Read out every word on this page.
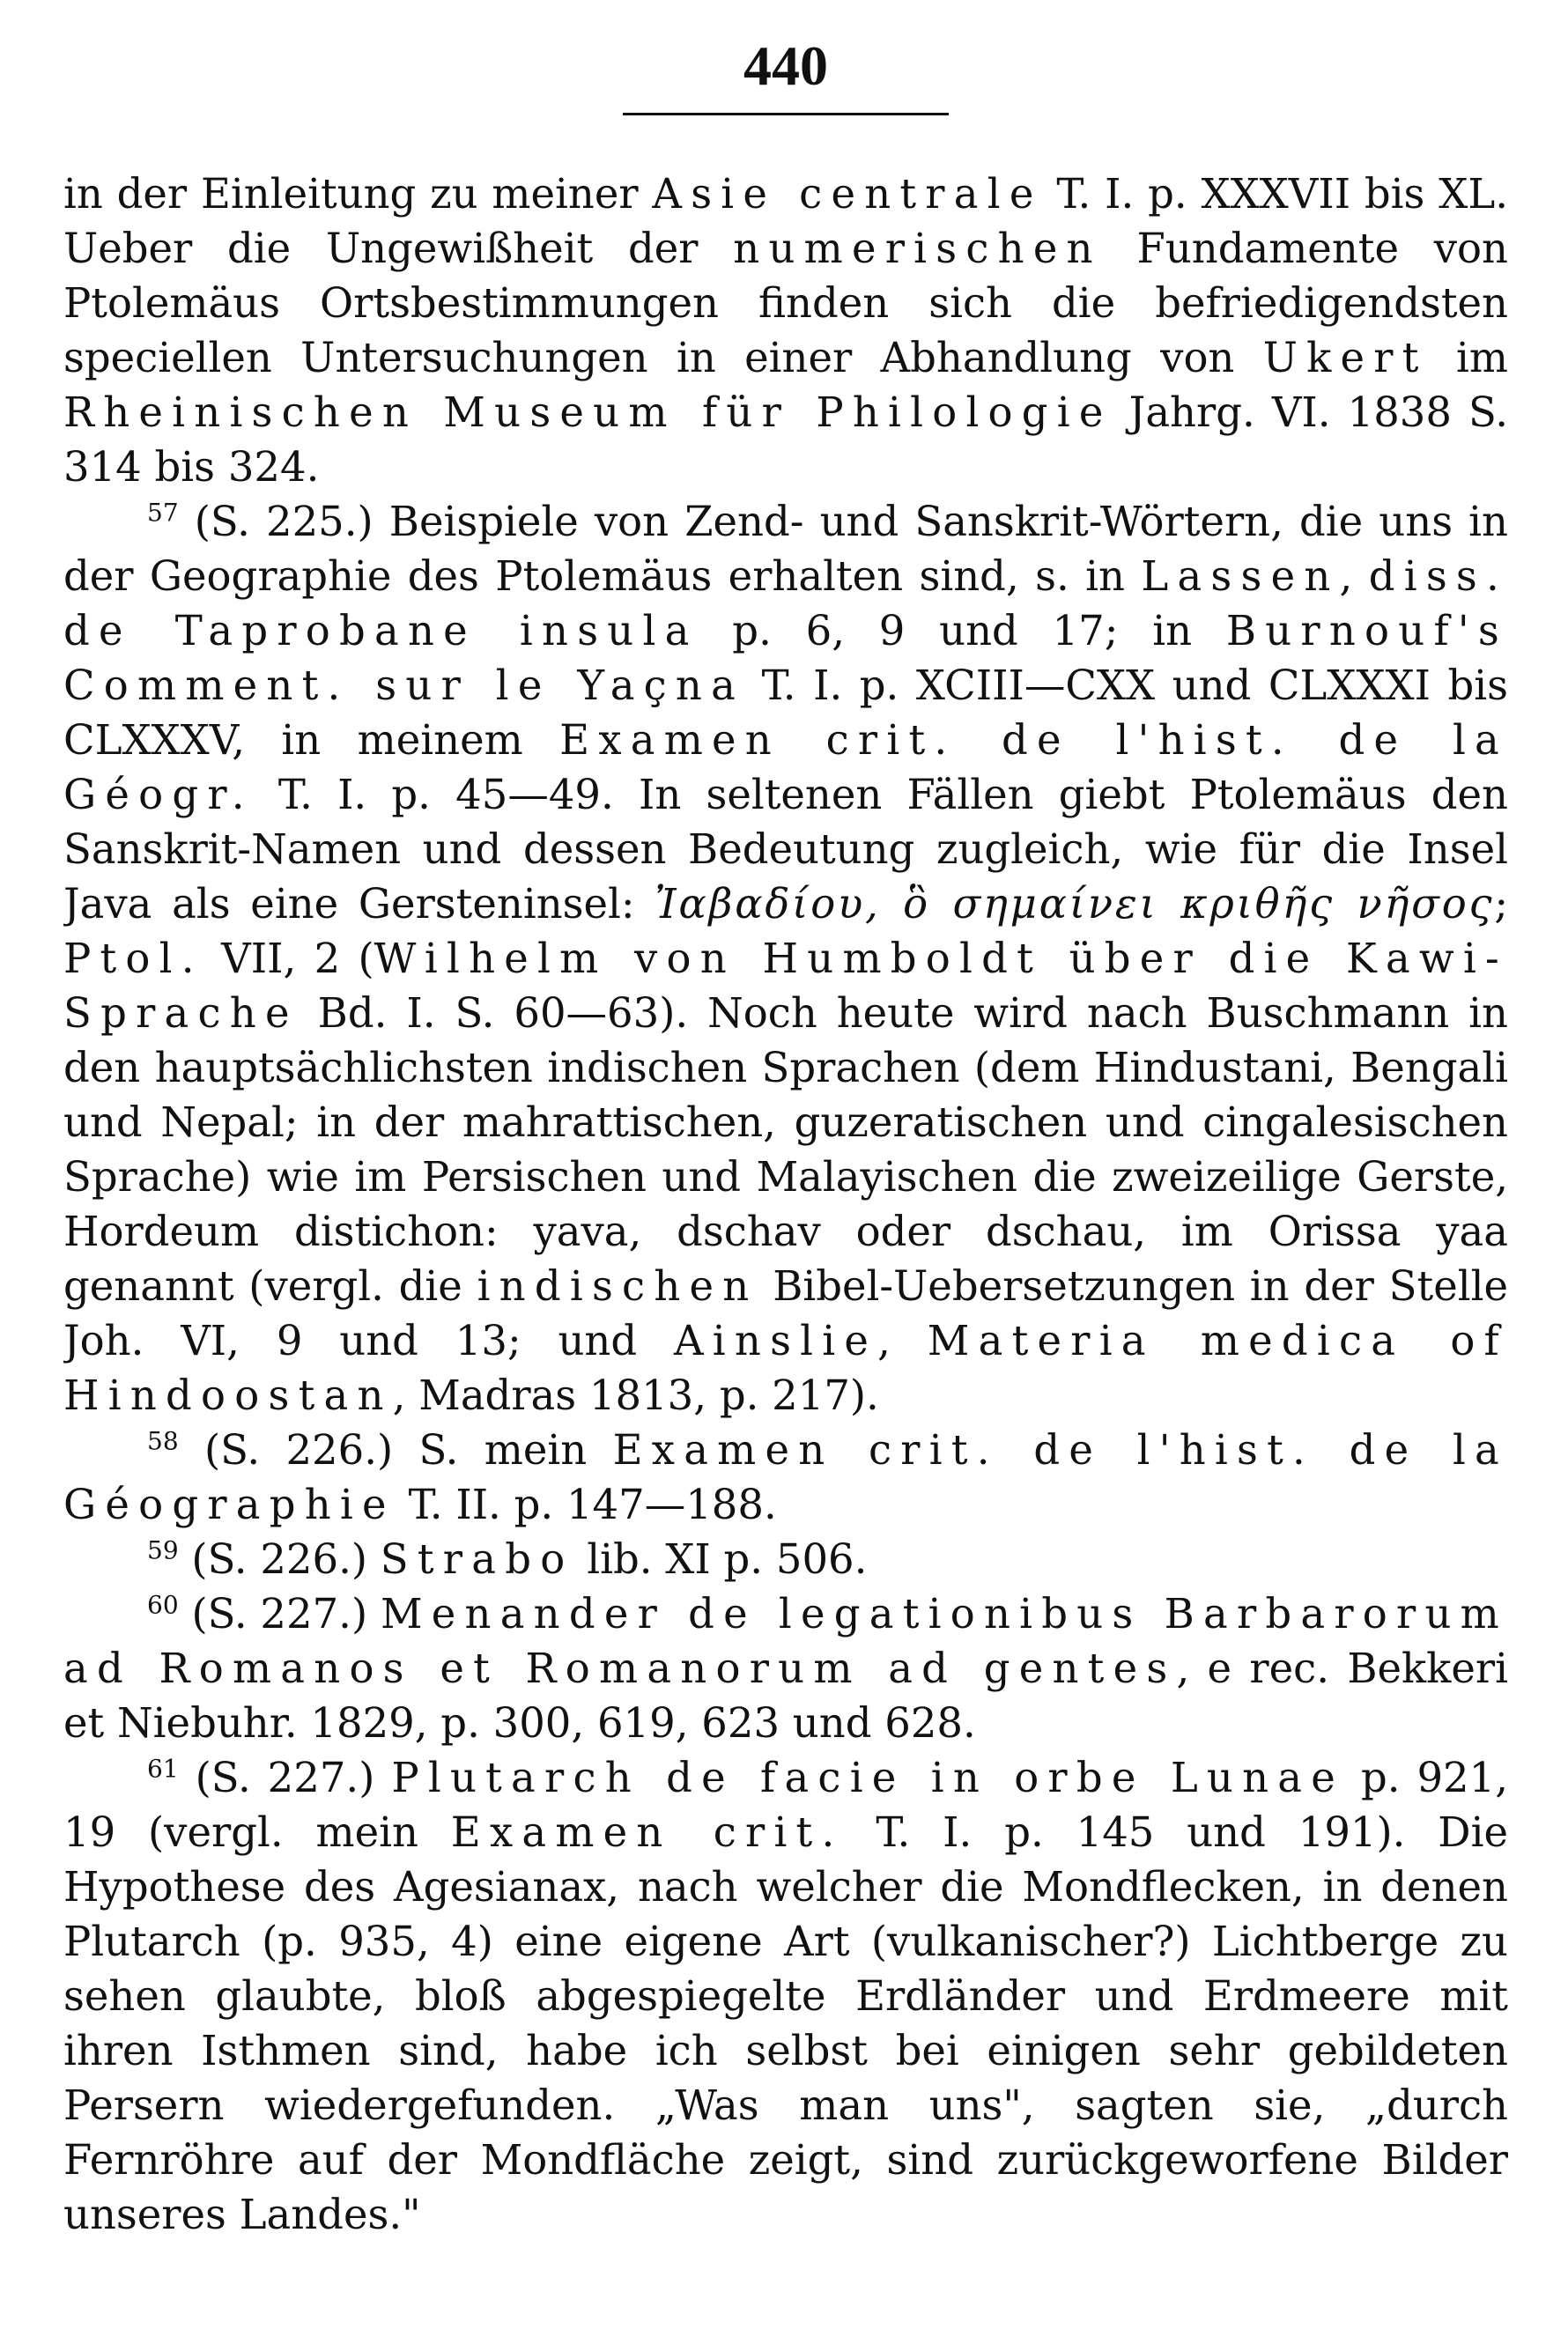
440

in der Einleitung zu meiner Asie centrale T. I. p. XXXVII bis XL. Ueber die Ungewißheit der numerischen Fundamente von Ptolemäus Ortsbestimmungen finden sich die befriedigendsten speciellen Untersuchungen in einer Abhandlung von Ukert im Rheinischen Museum für Philologie Jahrg. VI. 1838 S. 314 bis 324.

$^{57}$ (S. 225.) Beispiele von Zend- und Sanskrit-Wörtern, die uns in der Geographie des Ptolemäus erhalten sind, s. in Lassen, diss. de Taprobane insula p. 6, 9 und 17; in Burnouf's Comment. sur le Yaçna T. I. p. XCIII—CXX und CLXXXI bis CLXXXV, in meinem Examen crit. de l'hist. de la Géogr. T. I. p. 45—49. In seltenen Fällen giebt Ptolemäus den Sanskrit-Namen und dessen Bedeutung zugleich, wie für die Insel Java als eine Gersteninsel: Ἰαβαδίου, ὃ σημαίνει κριθῆς νῆσος; Ptol. VII, 2 (Wilhelm von Humboldt über die Kawi-Sprache Bd. I. S. 60—63). Noch heute wird nach Buschmann in den hauptsächlichsten indischen Sprachen (dem Hindustani, Bengali und Nepal; in der mahrattischen, guzeratischen und cingalesischen Sprache) wie im Persischen und Malayischen die zweizeilige Gerste, Hordeum distichon: yava, dschav oder dschau, im Orissa yaa genannt (vergl. die indischen Bibel-Uebersetzungen in der Stelle Joh. VI, 9 und 13; und Ainslie, Materia medica of Hindoostan, Madras 1813, p. 217).

$^{58}$ (S. 226.) S. mein Examen crit. de l'hist. de la Géographie T. II. p. 147—188.

$^{59}$ (S. 226.) Strabo lib. XI p. 506.

$^{60}$ (S. 227.) Menander de legationibus Barbarorum ad Romanos et Romanorum ad gentes, e rec. Bekkeri et Niebuhr. 1829, p. 300, 619, 623 und 628.

$^{61}$ (S. 227.) Plutarch de facie in orbe Lunae p. 921, 19 (vergl. mein Examen crit. T. I. p. 145 und 191). Die Hypothese des Agesianax, nach welcher die Mondflecken, in denen Plutarch (p. 935, 4) eine eigene Art (vulkanischer?) Lichtberge zu sehen glaubte, bloß abgespiegelte Erdländer und Erdmeere mit ihren Isthmen sind, habe ich selbst bei einigen sehr gebildeten Persern wiedergefunden. „Was man uns", sagten sie, „durch Fernröhre auf der Mondfläche zeigt, sind zurückgeworfene Bilder unseres Landes."
